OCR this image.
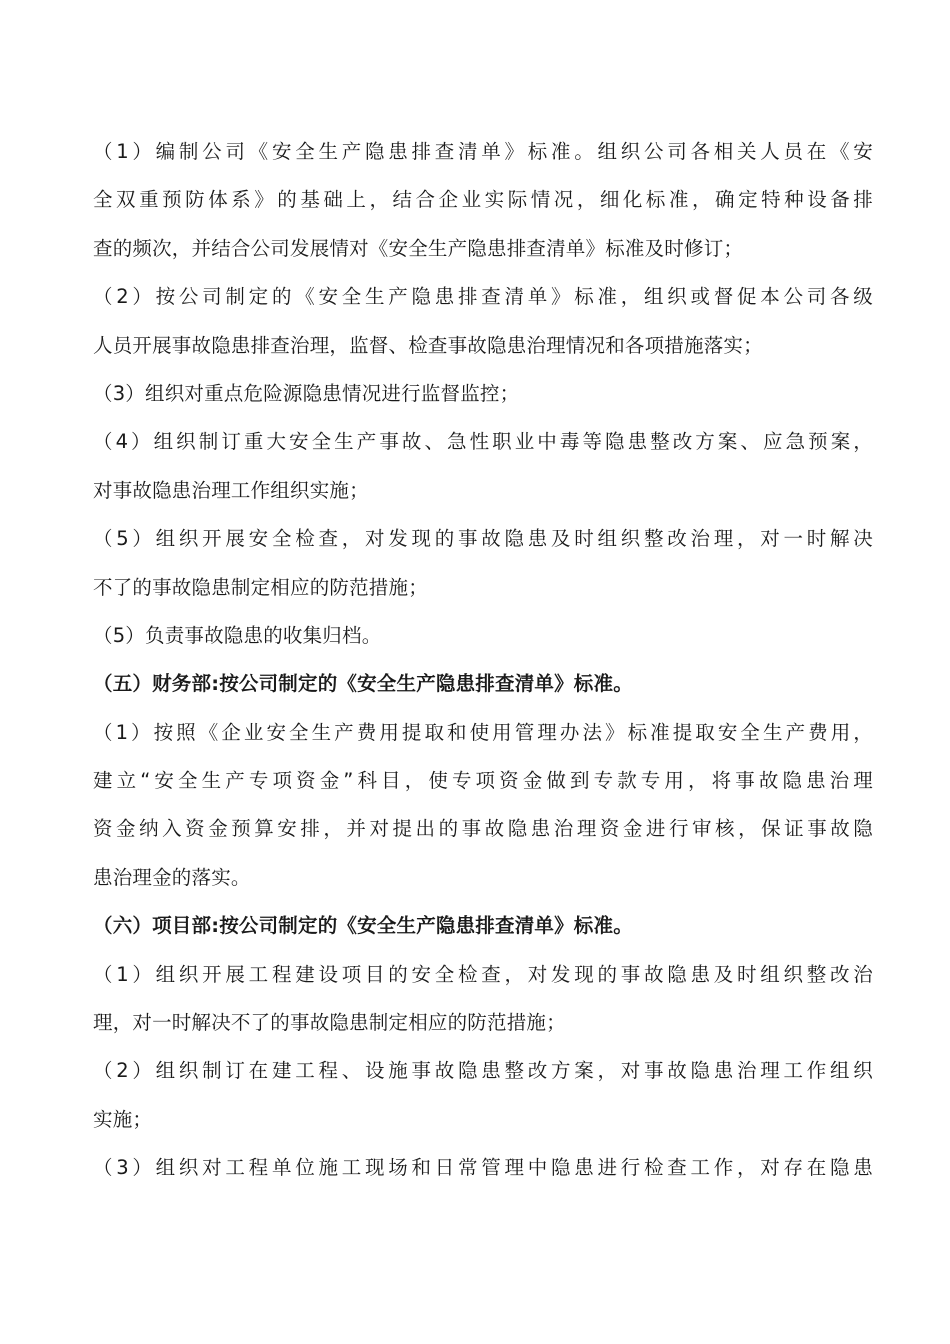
（1）编制公司《安全生产隐患排查清单》标准。组织公司各相关人员在《安
全双重预防体系》的基础上，结合企业实际情况，细化标准，确定特种设备排
查的频次，并结合公司发展情对《安全生产隐患排查清单》标准及时修订；
（2）按公司制定的《安全生产隐患排查清单》标准，组织或督促本公司各级
人员开展事故隐患排查治理，监督、检查事故隐患治理情况和各项措施落实；
（3）组织对重点危险源隐患情况进行监督监控；
（4）组织制订重大安全生产事故、急性职业中毒等隐患整改方案、应急预案，
对事故隐患治理工作组织实施；
（5）组织开展安全检查，对发现的事故隐患及时组织整改治理，对一时解决
不了的事故隐患制定相应的防范措施；
（5）负责事故隐患的收集归档。
（五）财务部:按公司制定的《安全生产隐患排查清单》标准。
（1）按照《企业安全生产费用提取和使用管理办法》标准提取安全生产费用，
建立“安全生产专项资金”科目，使专项资金做到专款专用，将事故隐患治理
资金纳入资金预算安排，并对提出的事故隐患治理资金进行审核，保证事故隐
患治理金的落实。
（六）项目部:按公司制定的《安全生产隐患排查清单》标准。
（1）组织开展工程建设项目的安全检查，对发现的事故隐患及时组织整改治
理，对一时解决不了的事故隐患制定相应的防范措施；
（2）组织制订在建工程、设施事故隐患整改方案，对事故隐患治理工作组织
实施；
（3）组织对工程单位施工现场和日常管理中隐患进行检查工作，对存在隐患
